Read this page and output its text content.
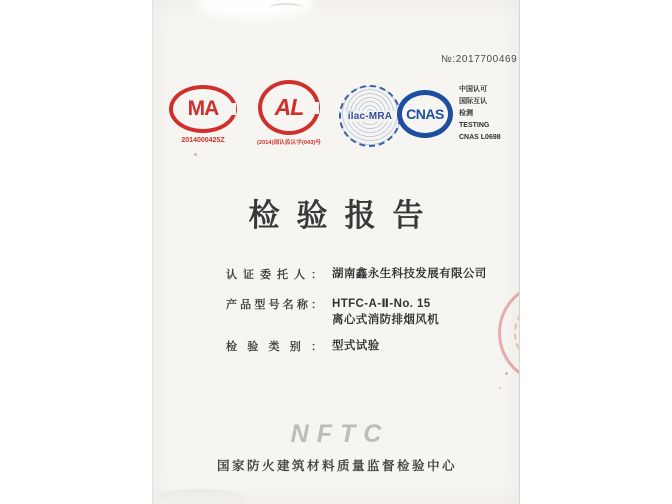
№:2017700469
MA
2014000425Z
AL
(2014)国认监认字(043)号
ilac-MRA CNAS
中国认可
国际互认
检测
TESTING
CNAS L0698
检验报告
认证委托人： 湖南鑫永生科技发展有限公司
产品型号名称： HTFC-A-Ⅱ-No. 15
离心式消防排烟风机
检验类别： 型式试验
NFTC
国家防火建筑材料质量监督检验中心
